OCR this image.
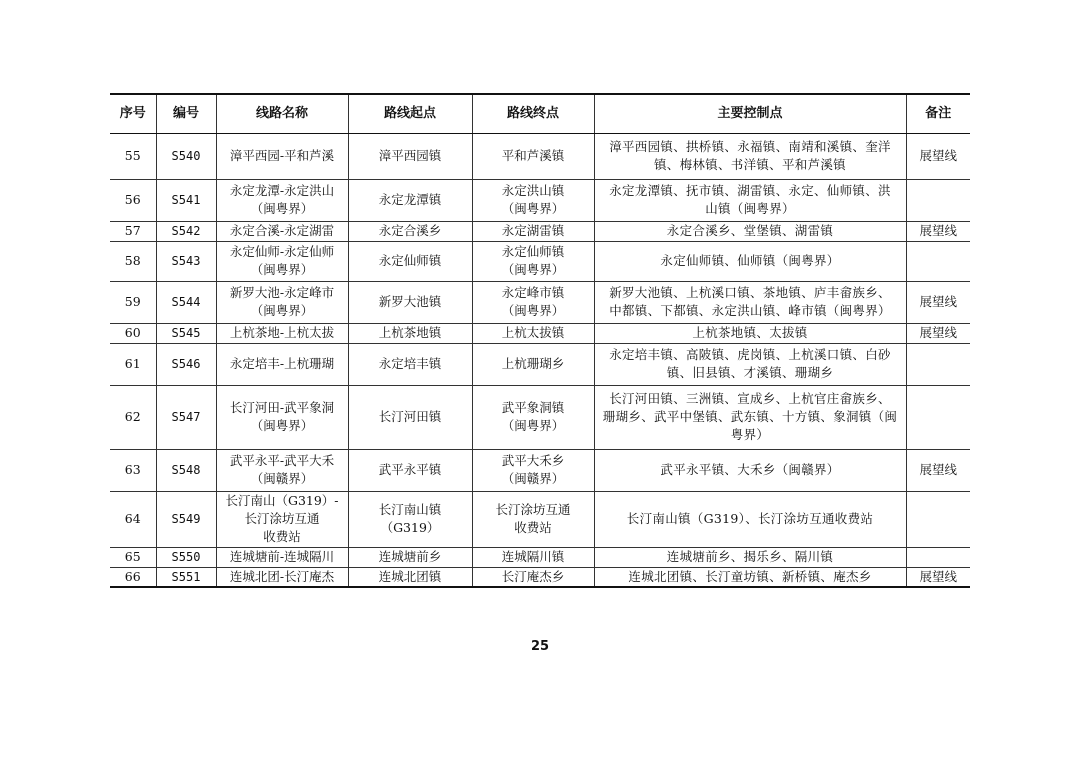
序号	编号	线路名称	路线起点	路线终点	主要控制点	备注
55	S540	漳平西园-平和芦溪	漳平西园镇	平和芦溪镇	漳平西园镇、拱桥镇、永福镇、南靖和溪镇、奎洋
镇、梅林镇、书洋镇、平和芦溪镇	展望线
56	S541	永定龙潭-永定洪山
（闽粤界）	永定龙潭镇	永定洪山镇
（闽粤界）	永定龙潭镇、抚市镇、湖雷镇、永定、仙师镇、洪
山镇（闽粤界）	

57	S542	永定合溪-永定湖雷	永定合溪乡	永定湖雷镇	永定合溪乡、堂堡镇、湖雷镇	展望线
58	S543	永定仙师-永定仙师
（闽粤界）	永定仙师镇	永定仙师镇
（闽粤界）	永定仙师镇、仙师镇（闽粤界）	

59	S544	新罗大池-永定峰市
（闽粤界）	新罗大池镇	永定峰市镇
（闽粤界）	新罗大池镇、上杭溪口镇、茶地镇、庐丰畲族乡、
中都镇、下都镇、永定洪山镇、峰市镇（闽粤界）	展望线
60	S545	上杭茶地-上杭太拔	上杭茶地镇	上杭太拔镇	上杭茶地镇、太拔镇	展望线
61	S546	永定培丰-上杭珊瑚	永定培丰镇	上杭珊瑚乡	永定培丰镇、高陂镇、虎岗镇、上杭溪口镇、白砂
镇、旧县镇、才溪镇、珊瑚乡	

62	S547	长汀河田-武平象洞
（闽粤界）	长汀河田镇	武平象洞镇
（闽粤界）	长汀河田镇、三洲镇、宣成乡、上杭官庄畲族乡、
珊瑚乡、武平中堡镇、武东镇、十方镇、象洞镇（闽
粤界）	

63	S548	武平永平-武平大禾
（闽赣界）	武平永平镇	武平大禾乡
（闽赣界）	武平永平镇、大禾乡（闽赣界）	展望线
64	S549	长汀南山（G319）-
长汀涂坊互通
收费站	长汀南山镇（G319）	长汀涂坊互通
收费站	长汀南山镇（G319）、长汀涂坊互通收费站	

65	S550	连城塘前-连城隔川	连城塘前乡	连城隔川镇	连城塘前乡、揭乐乡、隔川镇	

66	S551	连城北团-长汀庵杰	连城北团镇	长汀庵杰乡	连城北团镇、长汀童坊镇、新桥镇、庵杰乡	展望线
25
